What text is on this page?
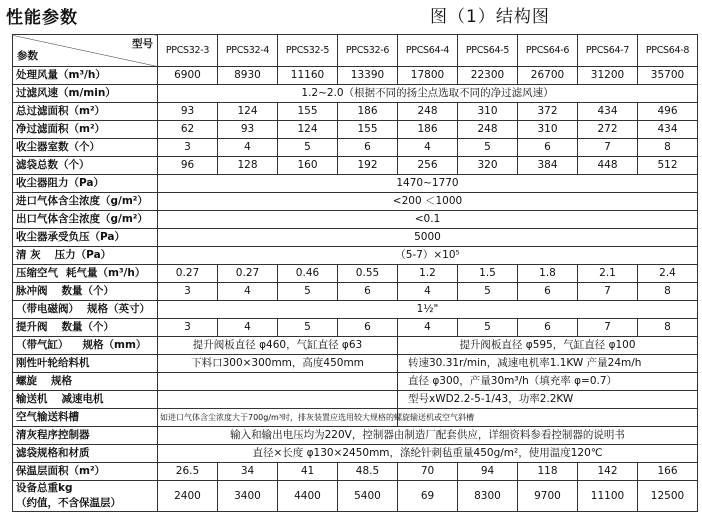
性能参数	图（1）结构图
型号
参数	PPCS32-3	PPCS32-4	PPCS32-5	PPCS32-6	PPCS64-4	PPCS64-5	PPCS64-6	PPCS64-7	PPCS64-8
处理风量（m³/h）	6900	8930	11160	13390	17800	22300	26700	31200	35700
过滤风速（m/min）	1.2~2.0（根据不同的扬尘点选取不同的净过滤风速）								
总过滤面积（m²）	93	124	155	186	248	310	372	434	496
净过滤面积（m²）	62	93	124	155	186	248	310	272	434
收尘器室数（个）	3	4	5	6	4	5	6	7	8
滤袋总数（个）	96	128	160	192	256	320	384	448	512
收尘器阻力（Pa）	1470~1770								
进口气体含尘浓度（g/m²）	<200 ＜1000								
出口气体含尘浓度（g/m²）	<0.1								
收尘器承受负压（Pa）	5000								
清 灰 压力（Pa）	（5-7）×10⁵								
压缩空气 耗气量（m³/h）	0.27	0.27	0.46	0.55	1.2	1.5	1.8	2.1	2.4
脉冲阀 数量（个）	3	4	5	6	4	5	6	7	8
（带电磁阀） 规格（英寸）	1½"								
提升阀 数量（个）	3	4	5	6	4	5	6	7	8
（带气缸） 规格（mm）	提升阀板直径 φ460，气缸直径 φ63				提升阀板直径 φ595，气缸直径 φ100				
刚性叶轮给料机	下料口300×300mm，高度450mm				转速30.31r/min，减速电机率1.1KW 产量24m/h				
螺旋 规格					直径 φ300，产量30m³/h（填充率 φ=0.7）				
输送机 减速电机					型号xWD2.2-5-1/43，功率2.2KW				
空气输送料槽	如进口气体含尘浓度大于700g/m³时，排灰装置应选用较大规格的螺旋输送机或空气斜槽								
清灰程序控制器	输入和输出电压均为220V，控制器由制造厂配套供应，详细资料参看控制器的说明书								
滤袋规格和材质	直径×长度 φ130×2450mm，涤纶针刺毡重量450g/m²，使用温度120℃								
保温层面积（m²）	26.5	34	41	48.5	70	94	118	142	166

设备总重kg
（约值，不含保温层）	2400	3400	4400	5400	69	8300	9700	11100	12500
